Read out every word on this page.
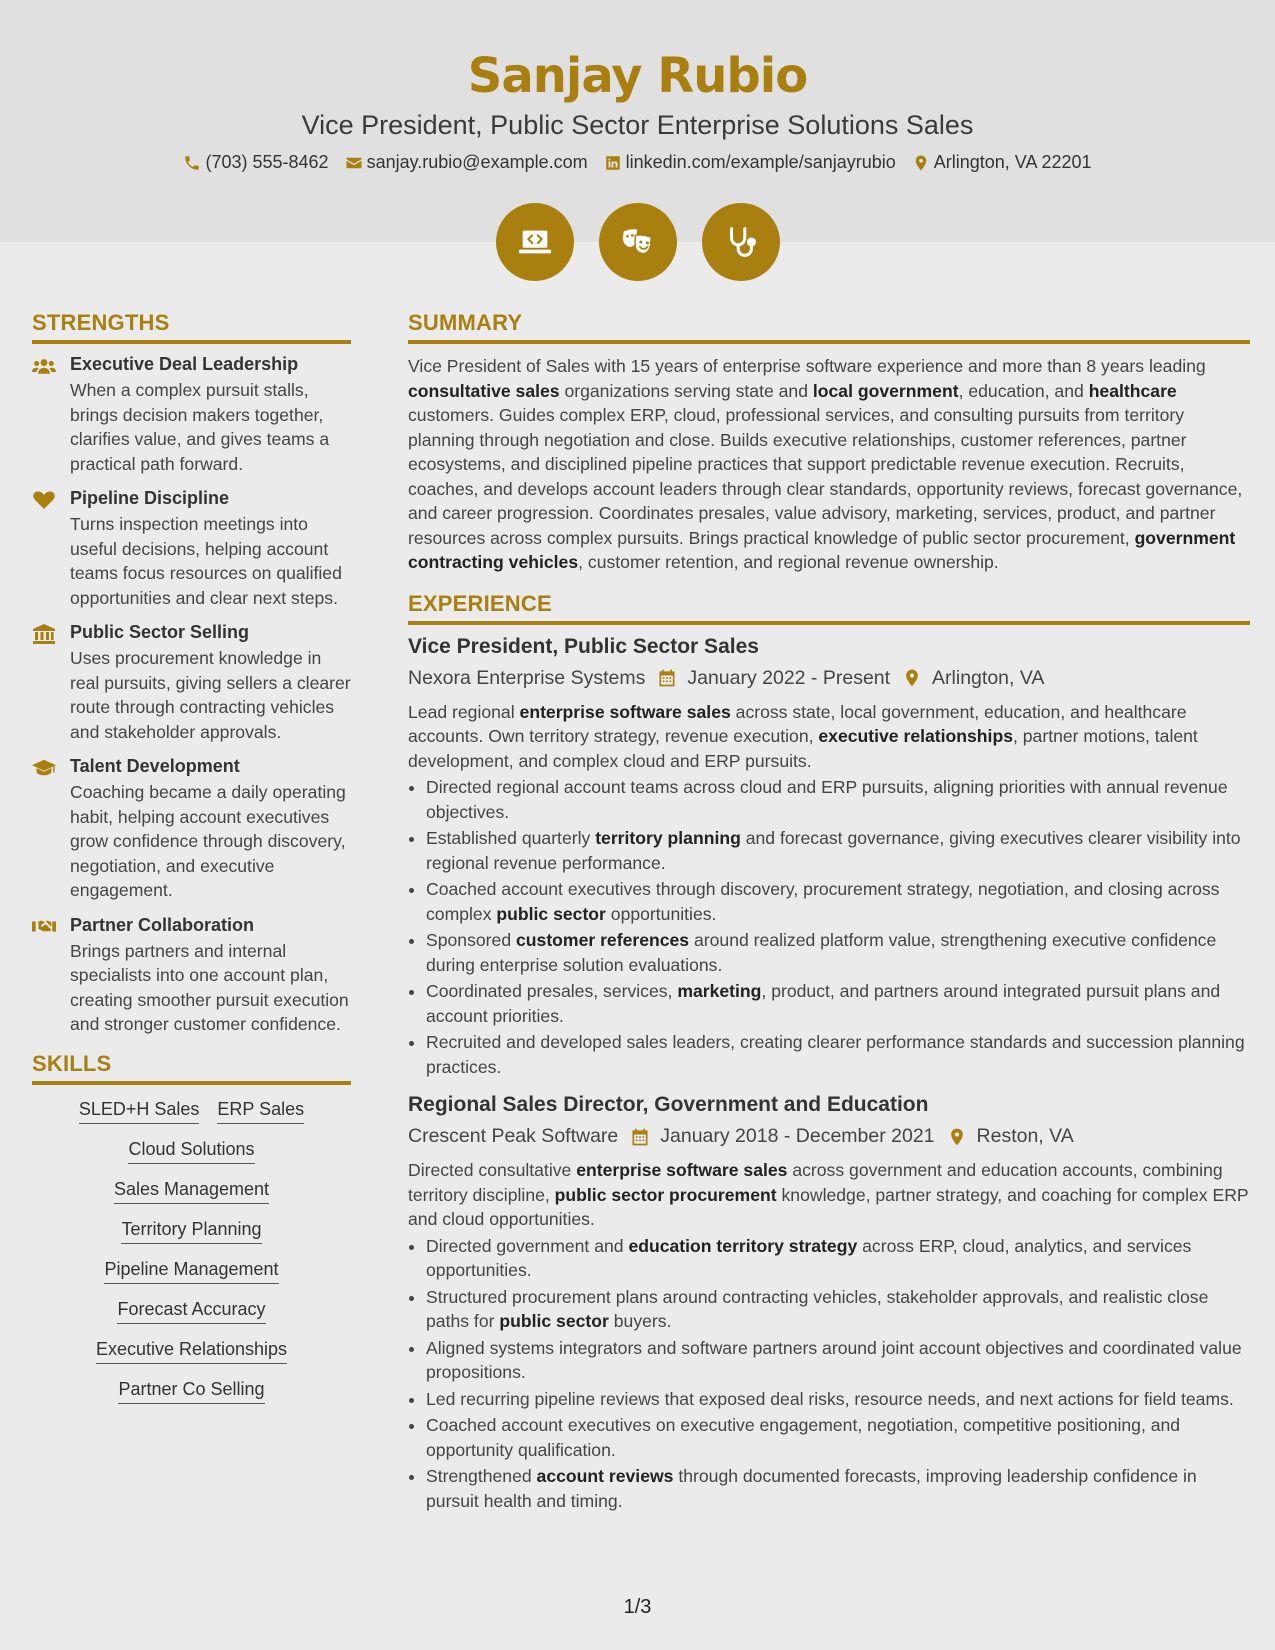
Sanjay Rubio
Vice President, Public Sector Enterprise Solutions Sales
(703) 555-8462 sanjay.rubio@example.com linkedin.com/example/sanjayrubio Arlington, VA 22201
STRENGTHS
Executive Deal Leadership
When a complex pursuit stalls, brings decision makers together, clarifies value, and gives teams a practical path forward.
Pipeline Discipline
Turns inspection meetings into useful decisions, helping account teams focus resources on qualified opportunities and clear next steps.
Public Sector Selling
Uses procurement knowledge in real pursuits, giving sellers a clearer route through contracting vehicles and stakeholder approvals.
Talent Development
Coaching became a daily operating habit, helping account executives grow confidence through discovery, negotiation, and executive engagement.
Partner Collaboration
Brings partners and internal specialists into one account plan, creating smoother pursuit execution and stronger customer confidence.
SKILLS
SLED+H Sales ERP Sales
Cloud Solutions
Sales Management
Territory Planning
Pipeline Management
Forecast Accuracy
Executive Relationships
Partner Co Selling
SUMMARY
Vice President of Sales with 15 years of enterprise software experience and more than 8 years leading consultative sales organizations serving state and local government, education, and healthcare customers. Guides complex ERP, cloud, professional services, and consulting pursuits from territory planning through negotiation and close. Builds executive relationships, customer references, partner ecosystems, and disciplined pipeline practices that support predictable revenue execution. Recruits, coaches, and develops account leaders through clear standards, opportunity reviews, forecast governance, and career progression. Coordinates presales, value advisory, marketing, services, product, and partner resources across complex pursuits. Brings practical knowledge of public sector procurement, government contracting vehicles, customer retention, and regional revenue ownership.
EXPERIENCE
Vice President, Public Sector Sales
Nexora Enterprise Systems January 2022 - Present Arlington, VA
Lead regional enterprise software sales across state, local government, education, and healthcare accounts. Own territory strategy, revenue execution, executive relationships, partner motions, talent development, and complex cloud and ERP pursuits.
• Directed regional account teams across cloud and ERP pursuits, aligning priorities with annual revenue objectives.
• Established quarterly territory planning and forecast governance, giving executives clearer visibility into regional revenue performance.
• Coached account executives through discovery, procurement strategy, negotiation, and closing across complex public sector opportunities.
• Sponsored customer references around realized platform value, strengthening executive confidence during enterprise solution evaluations.
• Coordinated presales, services, marketing, product, and partners around integrated pursuit plans and account priorities.
• Recruited and developed sales leaders, creating clearer performance standards and succession planning practices.
Regional Sales Director, Government and Education
Crescent Peak Software January 2018 - December 2021 Reston, VA
Directed consultative enterprise software sales across government and education accounts, combining territory discipline, public sector procurement knowledge, partner strategy, and coaching for complex ERP and cloud opportunities.
• Directed government and education territory strategy across ERP, cloud, analytics, and services opportunities.
• Structured procurement plans around contracting vehicles, stakeholder approvals, and realistic close paths for public sector buyers.
• Aligned systems integrators and software partners around joint account objectives and coordinated value propositions.
• Led recurring pipeline reviews that exposed deal risks, resource needs, and next actions for field teams.
• Coached account executives on executive engagement, negotiation, competitive positioning, and opportunity qualification.
• Strengthened account reviews through documented forecasts, improving leadership confidence in pursuit health and timing.
1/3
